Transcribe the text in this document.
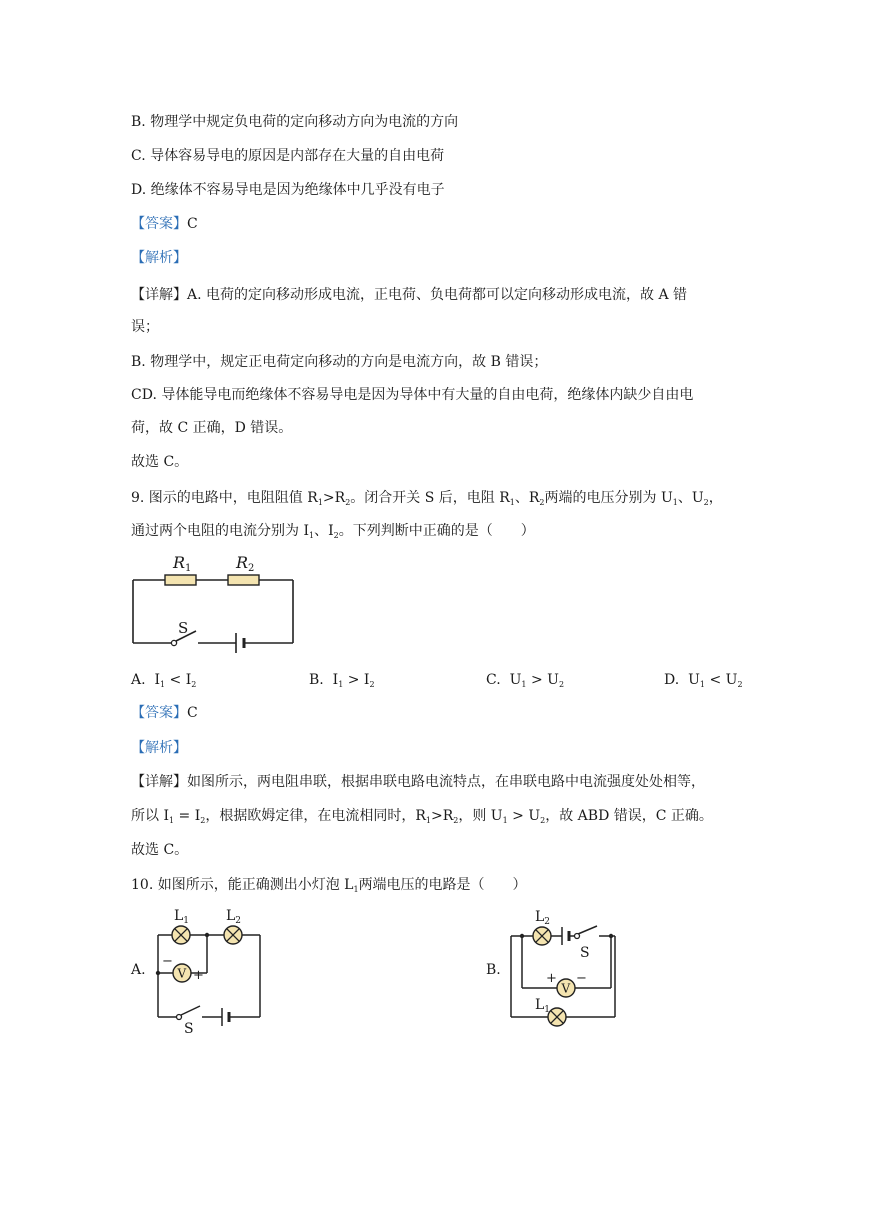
B. 物理学中规定负电荷的定向移动方向为电流的方向
C. 导体容易导电的原因是内部存在大量的自由电荷
D. 绝缘体不容易导电是因为绝缘体中几乎没有电子
【答案】C
【解析】
【详解】A. 电荷的定向移动形成电流，正电荷、负电荷都可以定向移动形成电流，故 A 错
误；
B. 物理学中，规定正电荷定向移动的方向是电流方向，故 B 错误；
CD. 导体能导电而绝缘体不容易导电是因为导体中有大量的自由电荷，绝缘体内缺少自由电
荷，故 C 正确，D 错误。
故选 C。
9. 图示的电路中，电阻阻值 $R_1>R_2$。闭合开关 S 后，电阻 $R_1$、$R_2$两端的电压分别为 $U_1$、$U_2$，
通过两个电阻的电流分别为 $I_1$、$I_2$。下列判断中正确的是（　　）
R1	R2
S
A. $I_1 < I_2$	B. $I_1 > I_2$	C. $U_1 > U_2$	D. $U_1 < U_2$
【答案】C
【解析】
【详解】如图所示，两电阻串联，根据串联电路电流特点，在串联电路中电流强度处处相等，
所以 $I_1 = I_2$，根据欧姆定律，在电流相同时，$R_1>R_2$，则 $U_1 > U_2$，故 ABD 错误，C 正确。
故选 C。
10. 如图所示，能正确测出小灯泡 $L_1$两端电压的电路是（　　）
A.	B.
$L_1$	$L_2$
V
−
+
S
$L_2$
S
+ −
V
$L_1$
